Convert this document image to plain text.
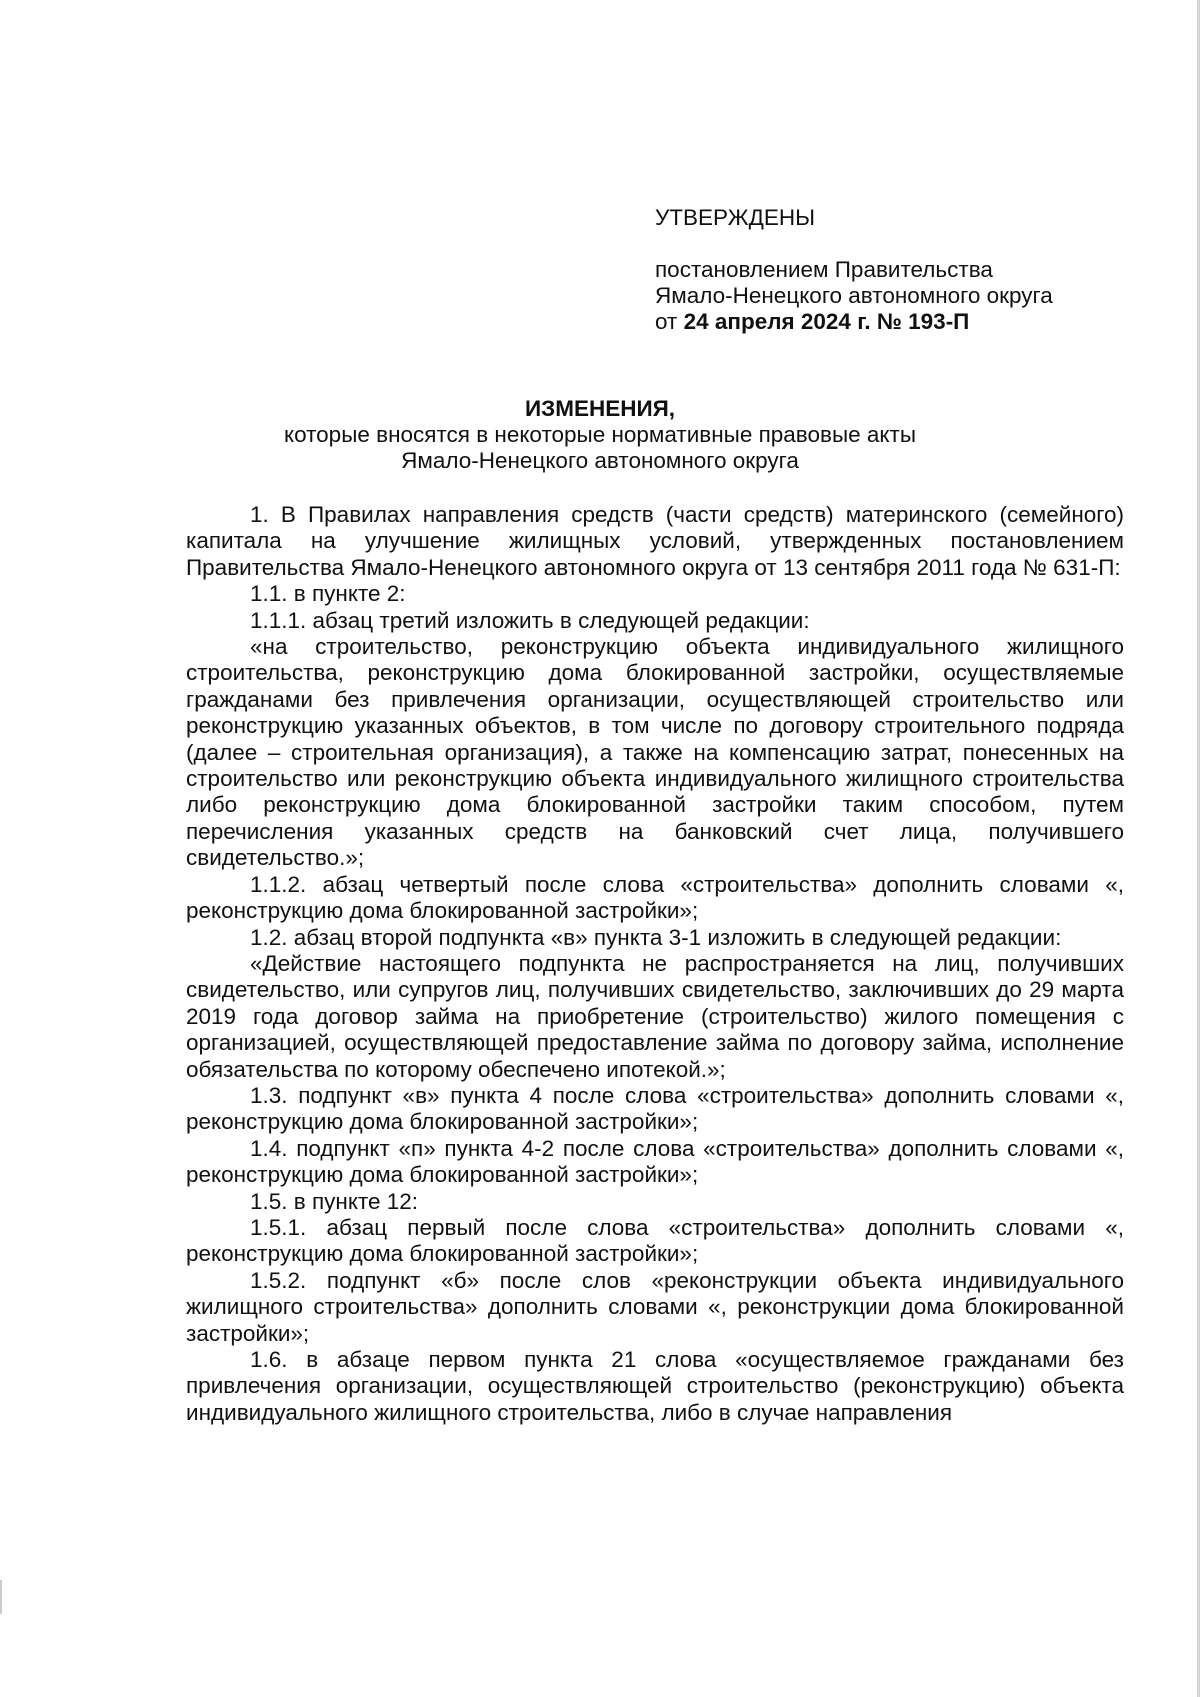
УТВЕРЖДЕНЫ

постановлением Правительства

Ямало-Ненецкого автономного округа

от 24 апреля 2024 г. № 193-П

ИЗМЕНЕНИЯ,

которые вносятся в некоторые нормативные правовые акты

Ямало-Ненецкого автономного округа

1. В Правилах направления средств (части средств) материнского (семейного) капитала на улучшение жилищных условий, утвержденных постановлением Правительства Ямало-Ненецкого автономного округа от 13 сентября 2011 года № 631-П:

1.1. в пункте 2:

1.1.1. абзац третий изложить в следующей редакции:

«на строительство, реконструкцию объекта индивидуального жилищного строительства, реконструкцию дома блокированной застройки, осуществляемые гражданами без привлечения организации, осуществляющей строительство или реконструкцию указанных объектов, в том числе по договору строительного подряда (далее – строительная организация), а также на компенсацию затрат, понесенных на строительство или реконструкцию объекта индивидуального жилищного строительства либо реконструкцию дома блокированной застройки таким способом, путем перечисления указанных средств на банковский счет лица, получившего свидетельство.»;

1.1.2. абзац четвертый после слова «строительства» дополнить словами «, реконструкцию дома блокированной застройки»;

1.2. абзац второй подпункта «в» пункта 3-1 изложить в следующей редакции:

«Действие настоящего подпункта не распространяется на лиц, получивших свидетельство, или супругов лиц, получивших свидетельство, заключивших до 29 марта 2019 года договор займа на приобретение (строительство) жилого помещения с организацией, осуществляющей предоставление займа по договору займа, исполнение обязательства по которому обеспечено ипотекой.»;

1.3. подпункт «в» пункта 4 после слова «строительства» дополнить словами «, реконструкцию дома блокированной застройки»;

1.4. подпункт «п» пункта 4-2 после слова «строительства» дополнить словами «, реконструкцию дома блокированной застройки»;

1.5. в пункте 12:

1.5.1. абзац первый после слова «строительства» дополнить словами «, реконструкцию дома блокированной застройки»;

1.5.2. подпункт «б» после слов «реконструкции объекта индивидуального жилищного строительства» дополнить словами «, реконструкции дома блокированной застройки»;

1.6. в абзаце первом пункта 21 слова «осуществляемое гражданами без привлечения организации, осуществляющей строительство (реконструкцию) объекта индивидуального жилищного строительства, либо в случае направления
